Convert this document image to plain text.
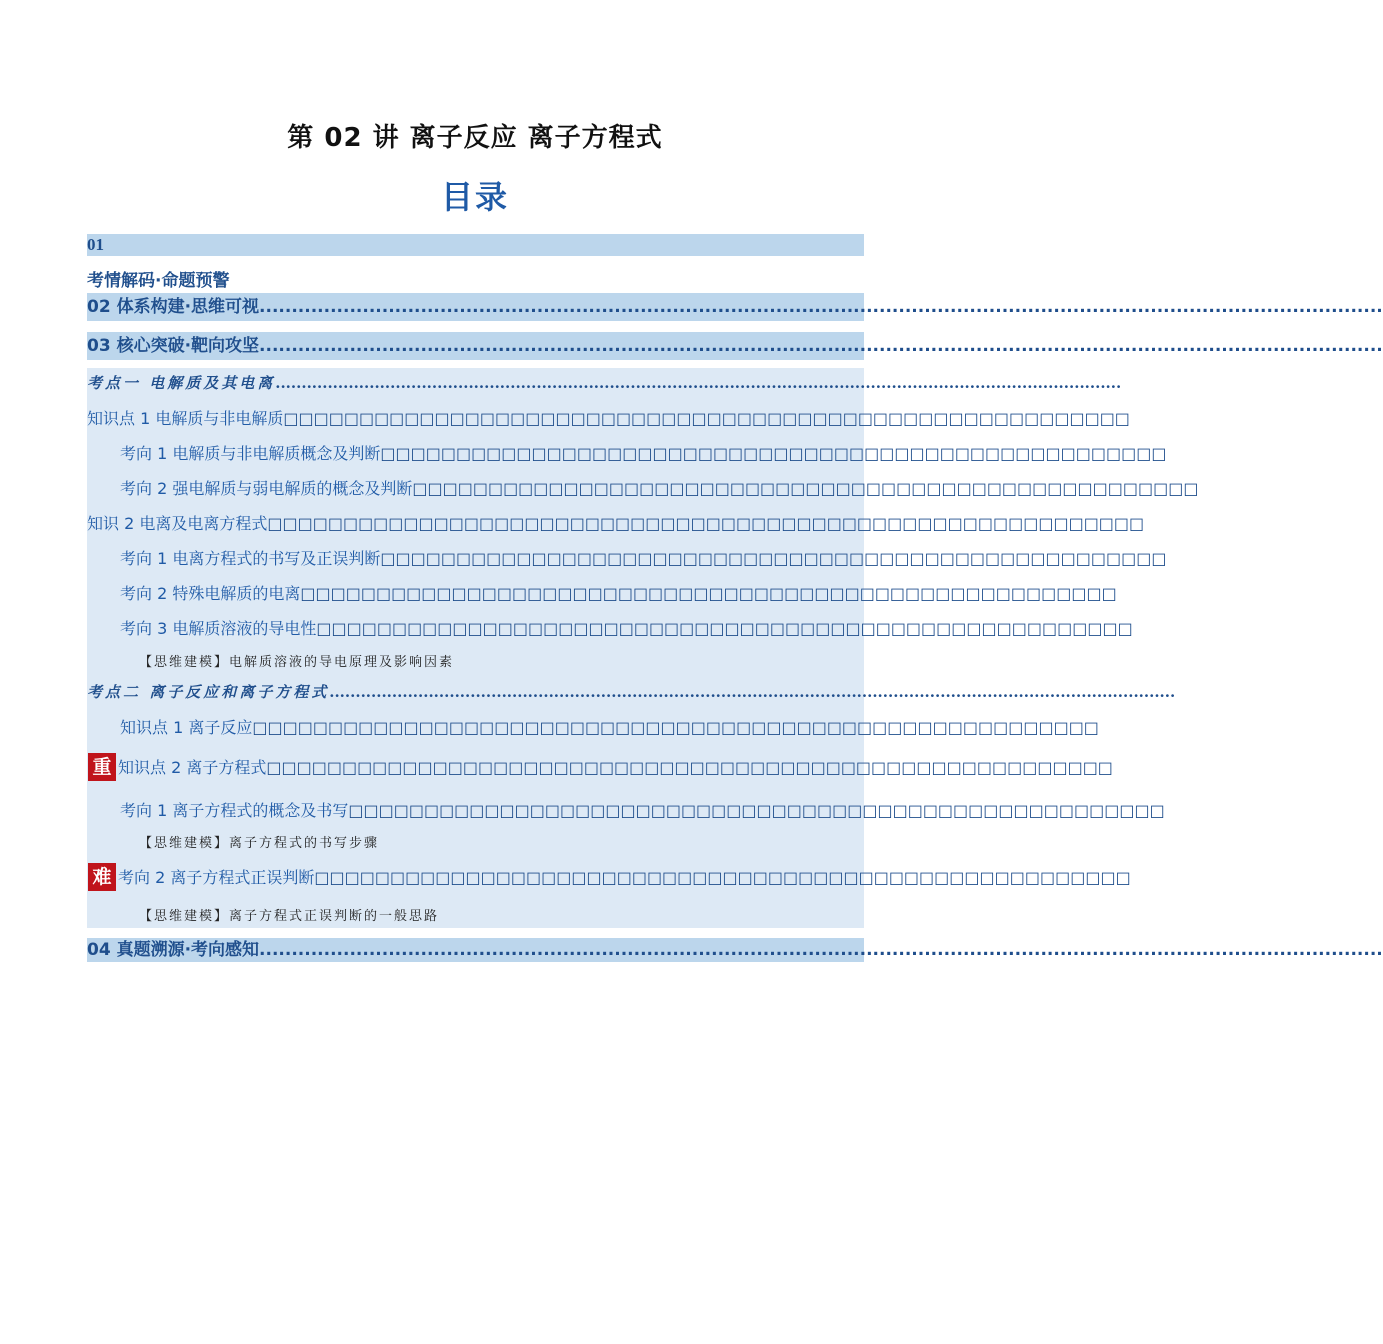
第 02 讲 离子反应 离子方程式
目录
01
考情解码·命题预警
02 体系构建·思维可视..............................................................................................................................................................................
03 核心突破·靶向攻坚..............................................................................................................................................................................
考点一 电解质及其电离..................................................................................................................................................................
知识点 1 电解质与非电解质□□□□□□□□□□□□□□□□□□□□□□□□□□□□□□□□□□□□□□□□□□□□□□□□□□□□□□□□
考向 1 电解质与非电解质概念及判断□□□□□□□□□□□□□□□□□□□□□□□□□□□□□□□□□□□□□□□□□□□□□□□□□□□□
考向 2 强电解质与弱电解质的概念及判断□□□□□□□□□□□□□□□□□□□□□□□□□□□□□□□□□□□□□□□□□□□□□□□□□□□□
知识 2 电离及电离方程式□□□□□□□□□□□□□□□□□□□□□□□□□□□□□□□□□□□□□□□□□□□□□□□□□□□□□□□□□□
考向 1 电离方程式的书写及正误判断□□□□□□□□□□□□□□□□□□□□□□□□□□□□□□□□□□□□□□□□□□□□□□□□□□□□
考向 2 特殊电解质的电离□□□□□□□□□□□□□□□□□□□□□□□□□□□□□□□□□□□□□□□□□□□□□□□□□□□□□□
考向 3 电解质溶液的导电性□□□□□□□□□□□□□□□□□□□□□□□□□□□□□□□□□□□□□□□□□□□□□□□□□□□□□□
【思维建模】电解质溶液的导电原理及影响因素
考点二 离子反应和离子方程式..................................................................................................................................................................
知识点 1 离子反应□□□□□□□□□□□□□□□□□□□□□□□□□□□□□□□□□□□□□□□□□□□□□□□□□□□□□□□□
重 知识点 2 离子方程式□□□□□□□□□□□□□□□□□□□□□□□□□□□□□□□□□□□□□□□□□□□□□□□□□□□□□□□□
考向 1 离子方程式的概念及书写□□□□□□□□□□□□□□□□□□□□□□□□□□□□□□□□□□□□□□□□□□□□□□□□□□□□□□
【思维建模】离子方程式的书写步骤
难 考向 2 离子方程式正误判断□□□□□□□□□□□□□□□□□□□□□□□□□□□□□□□□□□□□□□□□□□□□□□□□□□□□□□
【思维建模】离子方程式正误判断的一般思路
04 真题溯源·考向感知..............................................................................................................................................................................
